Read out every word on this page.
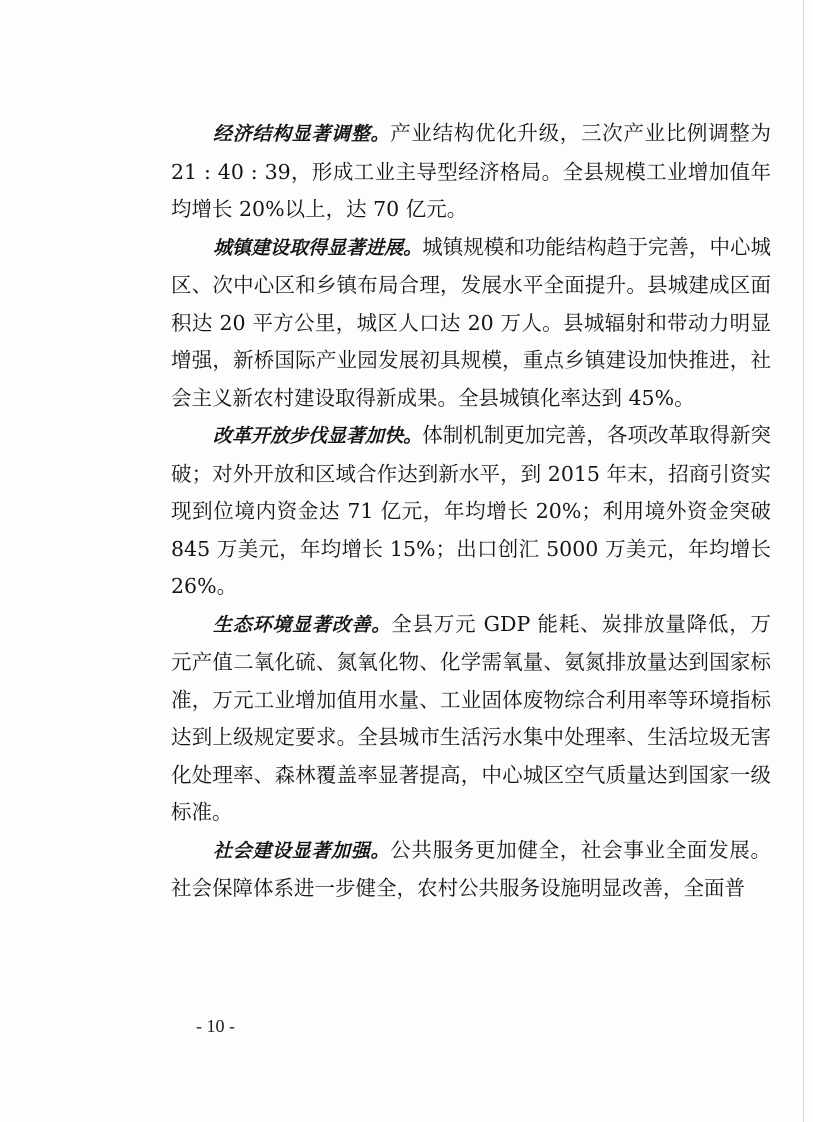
经济结构显著调整。产业结构优化升级，三次产业比例调整为 21 : 40 : 39，形成工业主导型经济格局。全县规模工业增加值年均增长 20%以上，达 70 亿元。

城镇建设取得显著进展。城镇规模和功能结构趋于完善，中心城区、次中心区和乡镇布局合理，发展水平全面提升。县城建成区面积达 20 平方公里，城区人口达 20 万人。县城辐射和带动力明显增强，新桥国际产业园发展初具规模，重点乡镇建设加快推进，社会主义新农村建设取得新成果。全县城镇化率达到 45%。

改革开放步伐显著加快。体制机制更加完善，各项改革取得新突破；对外开放和区域合作达到新水平，到 2015 年末，招商引资实现到位境内资金达 71 亿元，年均增长 20%；利用境外资金突破 845 万美元，年均增长 15%；出口创汇 5000 万美元，年均增长 26%。

生态环境显著改善。全县万元 GDP 能耗、炭排放量降低，万元产值二氧化硫、氮氧化物、化学需氧量、氨氮排放量达到国家标准，万元工业增加值用水量、工业固体废物综合利用率等环境指标达到上级规定要求。全县城市生活污水集中处理率、生活垃圾无害化处理率、森林覆盖率显著提高，中心城区空气质量达到国家一级标准。

社会建设显著加强。公共服务更加健全，社会事业全面发展。社会保障体系进一步健全，农村公共服务设施明显改善，全面普

- 10 -
